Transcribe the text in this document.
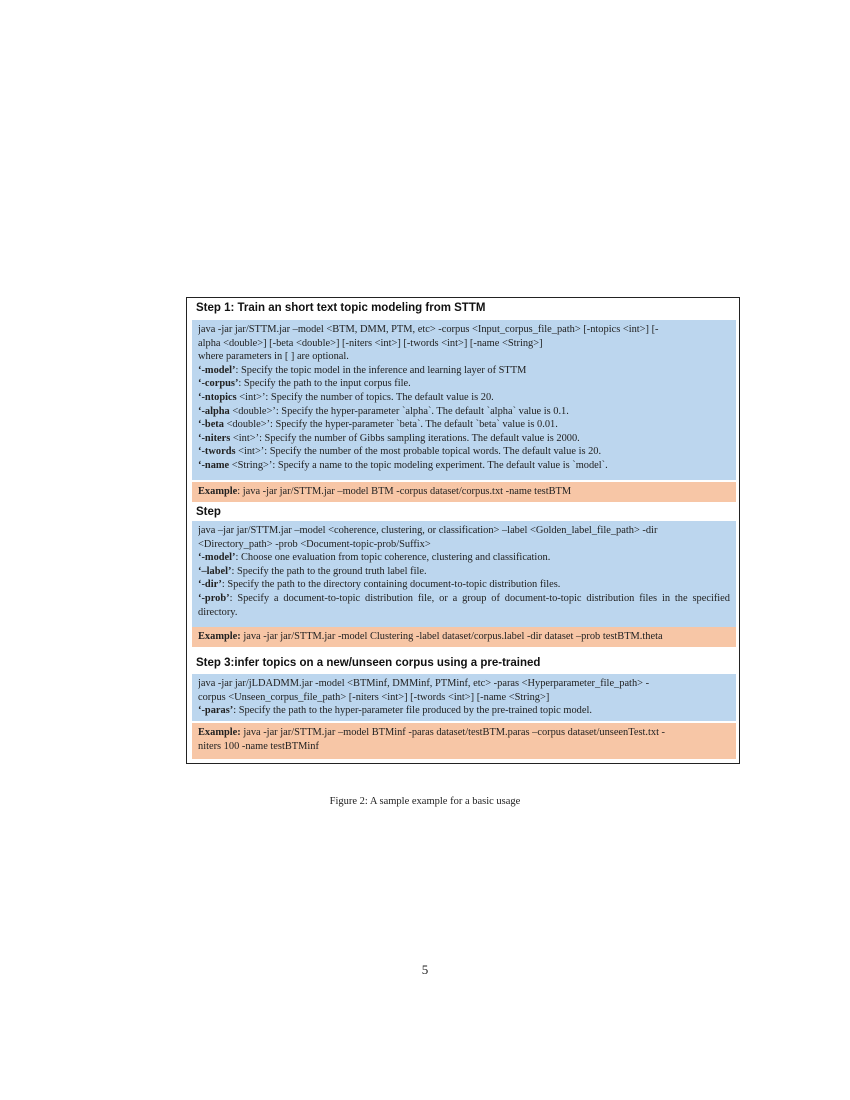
Step 1: Train an short text topic modeling from STTM
java -jar jar/STTM.jar –model <BTM, DMM, PTM, etc> -corpus <Input_corpus_file_path> [-ntopics <int>] [-
alpha <double>] [-beta <double>] [-niters <int>] [-twords <int>] [-name <String>]
where parameters in [ ] are optional.
‘-model’: Specify the topic model in the inference and learning layer of STTM
‘-corpus’: Specify the path to the input corpus file.
‘-ntopics <int>’: Specify the number of topics. The default value is 20.
‘-alpha <double>’: Specify the hyper-parameter `alpha`. The default `alpha` value is 0.1.
‘-beta <double>’: Specify the hyper-parameter `beta`. The default `beta` value is 0.01.
‘-niters <int>’: Specify the number of Gibbs sampling iterations. The default value is 2000.
‘-twords <int>’: Specify the number of the most probable topical words. The default value is 20.
‘-name <String>’: Specify a name to the topic modeling experiment. The default value is `model`.
Example: java -jar jar/STTM.jar –model BTM -corpus dataset/corpus.txt -name testBTM
Step
java –jar jar/STTM.jar –model <coherence, clustering, or classification> –label <Golden_label_file_path> -dir
<Directory_path> -prob <Document-topic-prob/Suffix>
‘-model’: Choose one evaluation from topic coherence, clustering and classification.
‘–label’: Specify the path to the ground truth label file.
‘-dir’: Specify the path to the directory containing document-to-topic distribution files.
‘-prob’: Specify a document-to-topic distribution file, or a group of document-to-topic distribution files in the specified directory.
Example: java -jar jar/STTM.jar -model Clustering -label dataset/corpus.label -dir dataset –prob testBTM.theta
Step 3:infer topics on a new/unseen corpus using a pre-trained
java -jar jar/jLDADMM.jar -model <BTMinf, DMMinf, PTMinf, etc> -paras <Hyperparameter_file_path> -
corpus <Unseen_corpus_file_path> [-niters <int>] [-twords <int>] [-name <String>]
‘-paras’: Specify the path to the hyper-parameter file produced by the pre-trained topic model.
Example: java -jar jar/STTM.jar –model BTMinf -paras dataset/testBTM.paras –corpus dataset/unseenTest.txt -
niters 100 -name testBTMinf
Figure 2: A sample example for a basic usage
5
